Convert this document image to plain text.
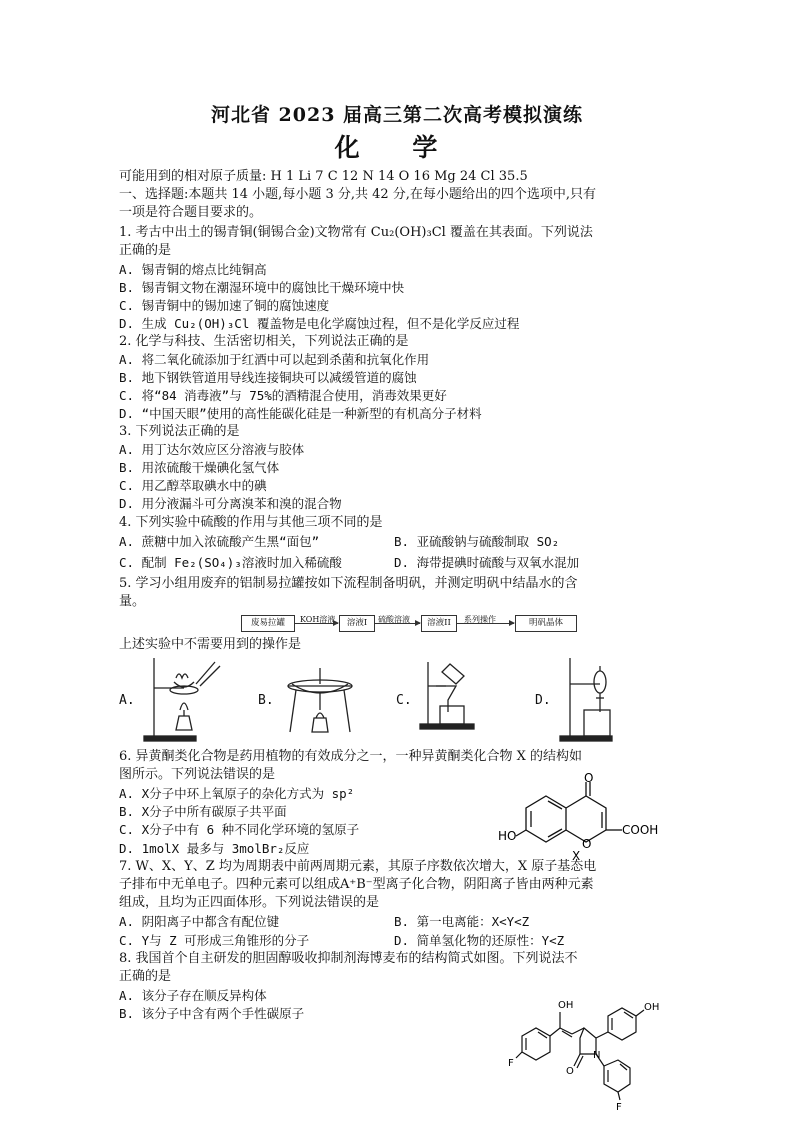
河北省 2023 届高三第二次高考模拟演练
化 学
可能用到的相对原子质量: H 1 Li 7 C 12 N 14 O 16 Mg 24 Cl 35.5
一、选择题:本题共 14 小题,每小题 3 分,共 42 分,在每小题给出的四个选项中,只有
一项是符合题目要求的。
1. 考古中出土的锡青铜(铜锡合金)文物常有 Cu₂(OH)₃Cl 覆盖在其表面。下列说法
正确的是
A. 锡青铜的熔点比纯铜高
B. 锡青铜文物在潮湿环境中的腐蚀比干燥环境中快
C. 锡青铜中的锡加速了铜的腐蚀速度
D. 生成 Cu₂(OH)₃Cl 覆盖物是电化学腐蚀过程，但不是化学反应过程
2. 化学与科技、生活密切相关，下列说法正确的是
A. 将二氧化硫添加于红酒中可以起到杀菌和抗氧化作用
B. 地下钢铁管道用导线连接铜块可以减缓管道的腐蚀
C. 将“84 消毒液”与 75%的酒精混合使用，消毒效果更好
D. “中国天眼”使用的高性能碳化硅是一种新型的有机高分子材料
3. 下列说法正确的是
A. 用丁达尔效应区分溶液与胶体
B. 用浓硫酸干燥碘化氢气体
C. 用乙醇萃取碘水中的碘
D. 用分液漏斗可分离溴苯和溴的混合物
4. 下列实验中硫酸的作用与其他三项不同的是
A. 蔗糖中加入浓硫酸产生黑“面包”	B. 亚硫酸钠与硫酸制取 SO₂
C. 配制 Fe₂(SO₄)₃溶液时加入稀硫酸	D. 海带提碘时硫酸与双氧水混加
5. 学习小组用废弃的铝制易拉罐按如下流程制备明矾，并测定明矾中结晶水的含
量。
废易拉罐	KOH溶液	溶液I	硫酸溶液	溶液II	系列操作	明矾晶体
上述实验中不需要用到的操作是
A.	B.	C.	D.
6. 异黄酮类化合物是药用植物的有效成分之一，一种异黄酮类化合物 X 的结构如
图所示。下列说法错误的是
A. X分子中环上氧原子的杂化方式为 sp²
B. X分子中所有碳原子共平面
C. X分子中有 6 种不同化学环境的氢原子
D. 1molX 最多与 3molBr₂反应
O
O
HO	COOH
X
7. W、X、Y、Z 均为周期表中前两周期元素，其原子序数依次增大，X 原子基态电
子排布中无单电子。四种元素可以组成A⁺B⁻型离子化合物，阴阳离子皆由两种元素
组成，且均为正四面体形。下列说法错误的是
A. 阴阳离子中都含有配位键	B. 第一电离能：X<Y<Z
C. Y与 Z 可形成三角锥形的分子	D. 简单氢化物的还原性：Y<Z
8. 我国首个自主研发的胆固醇吸收抑制剂海博麦布的结构简式如图。下列说法不
正确的是
A. 该分子存在顺反异构体
B. 该分子中含有两个手性碳原子
OH	OH
O
N
F
F
